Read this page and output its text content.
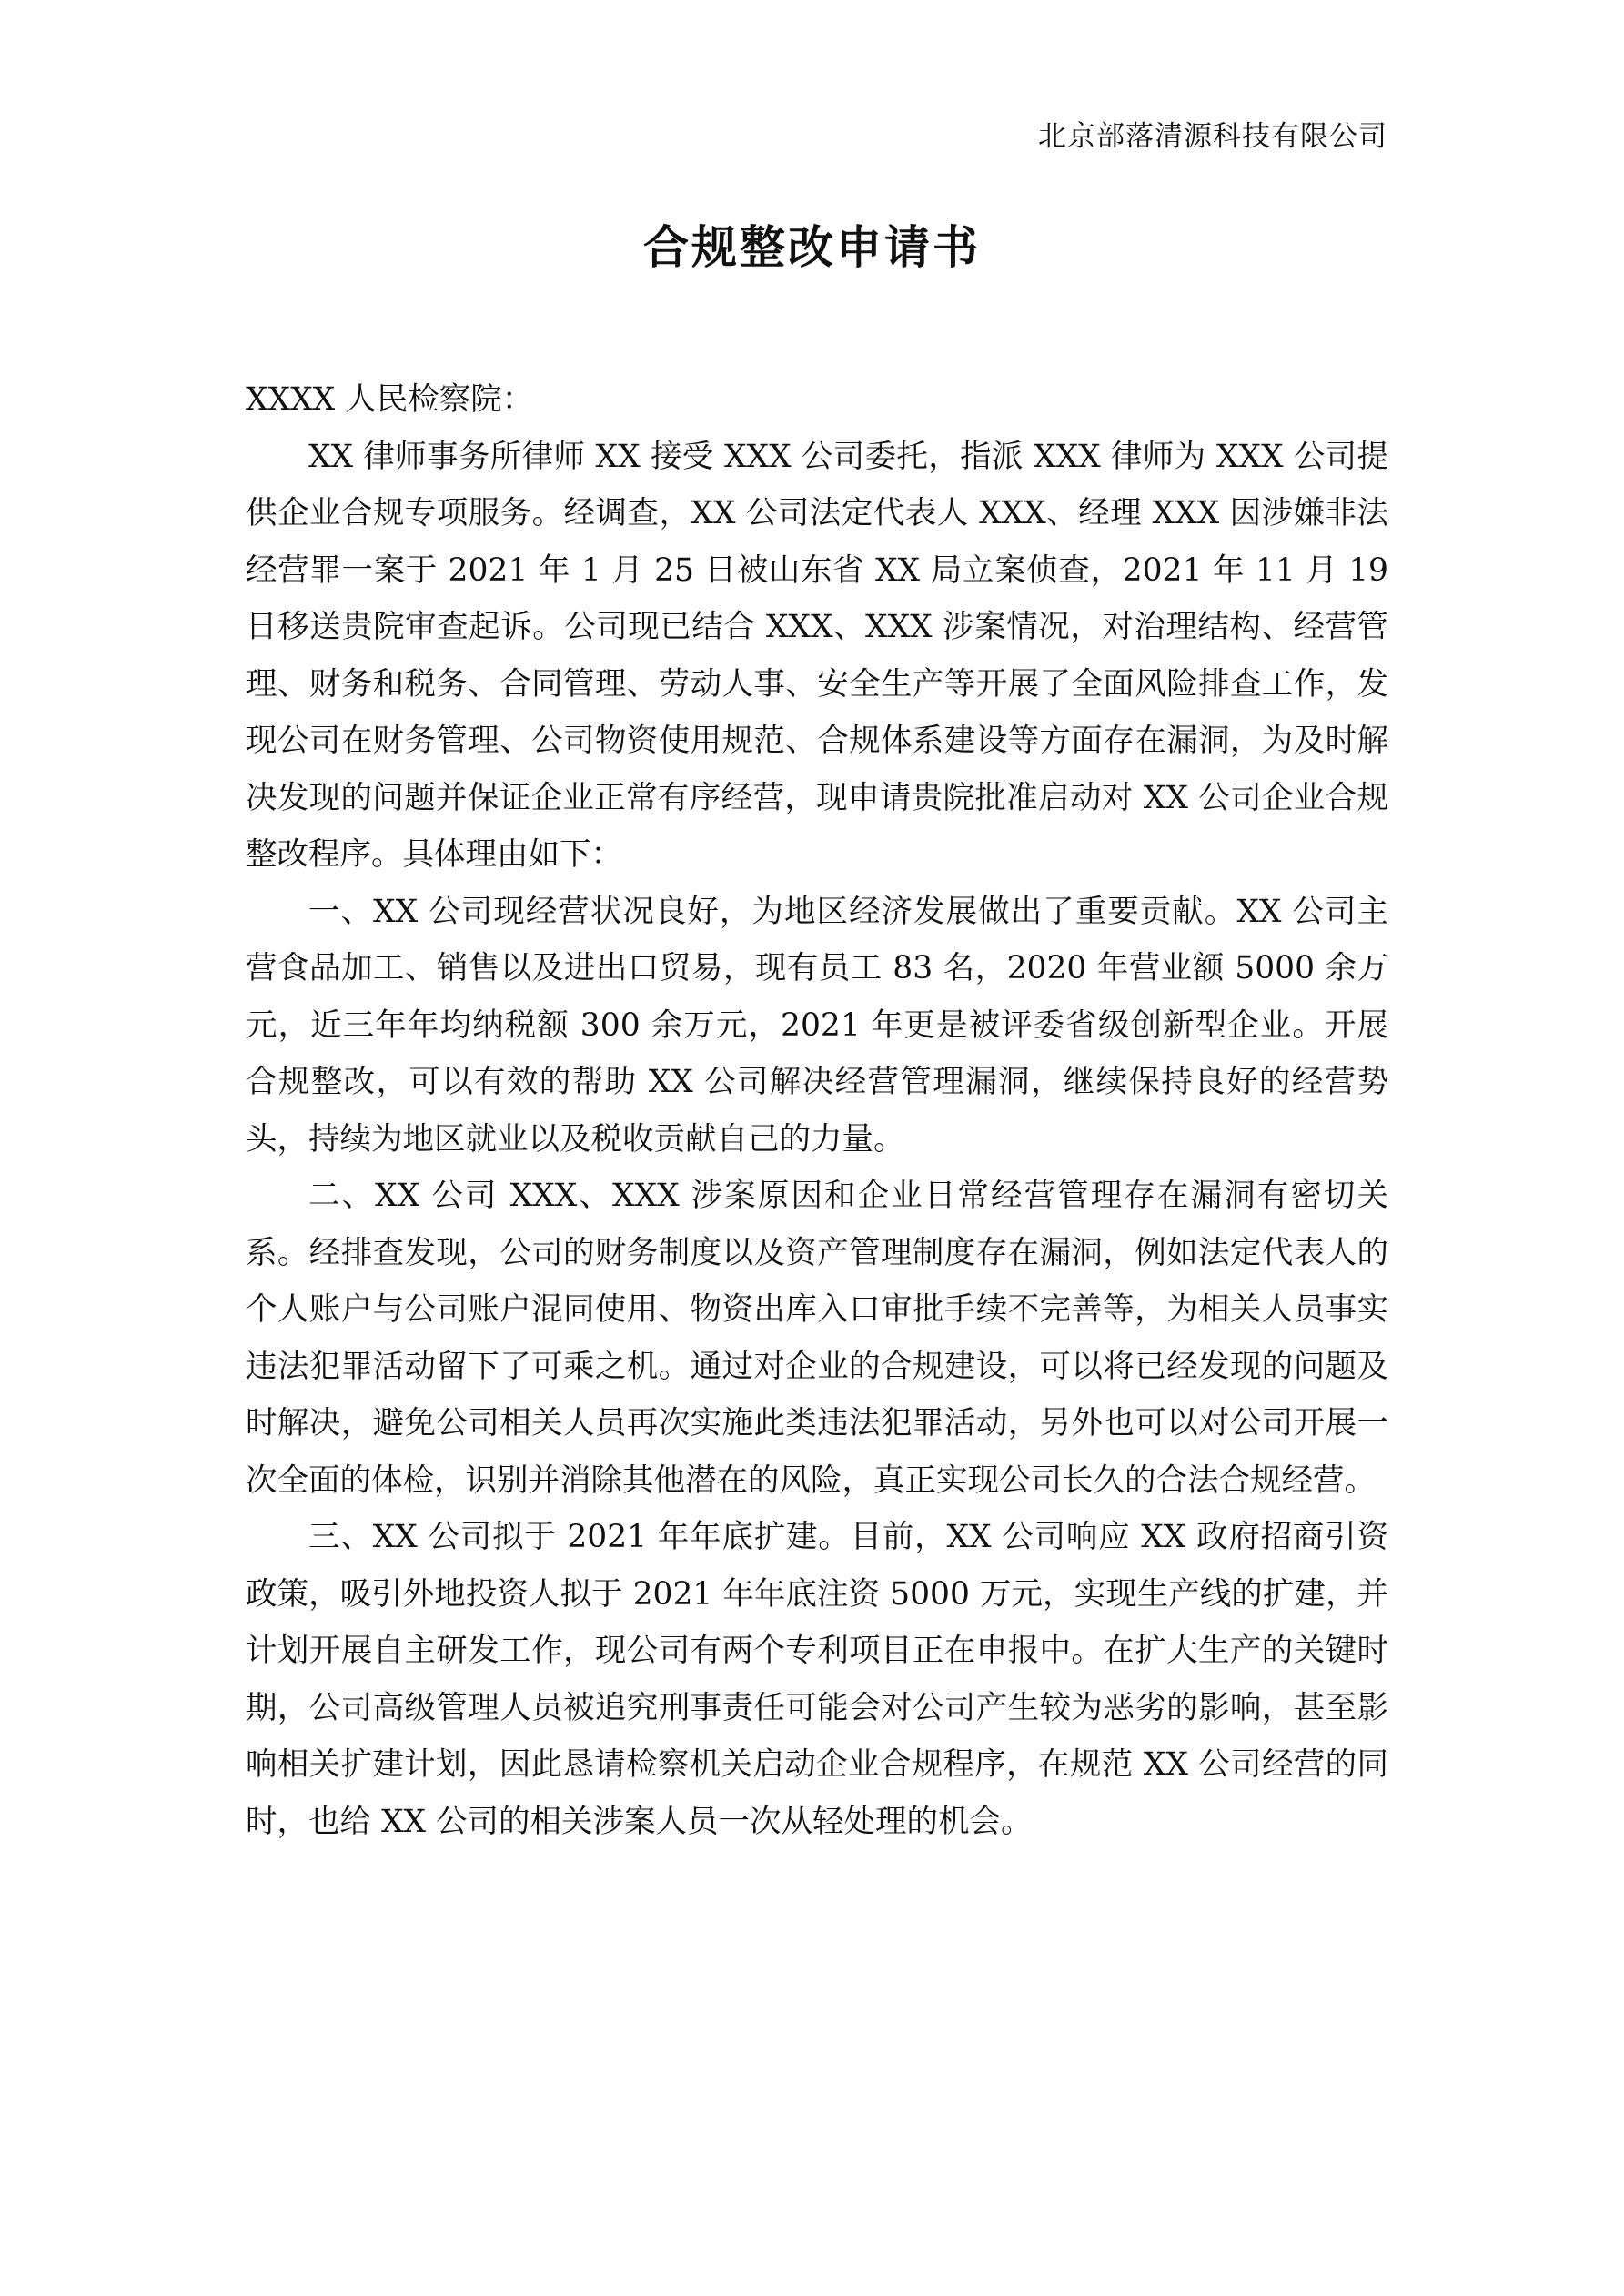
北京部落清源科技有限公司
合规整改申请书

XXXX 人民检察院：

XX 律师事务所律师 XX 接受 XXX 公司委托，指派 XXX 律师为 XXX 公司提供企业合规专项服务。经调查，XX 公司法定代表人 XXX、经理 XXX 因涉嫌非法经营罪一案于 2021 年 1 月 25 日被山东省 XX 局立案侦查，2021 年 11 月 19 日移送贵院审查起诉。公司现已结合 XXX、XXX 涉案情况，对治理结构、经营管理、财务和税务、合同管理、劳动人事、安全生产等开展了全面风险排查工作，发现公司在财务管理、公司物资使用规范、合规体系建设等方面存在漏洞，为及时解决发现的问题并保证企业正常有序经营，现申请贵院批准启动对 XX 公司企业合规整改程序。具体理由如下：

一、XX 公司现经营状况良好，为地区经济发展做出了重要贡献。XX 公司主营食品加工、销售以及进出口贸易，现有员工 83 名，2020 年营业额 5000 余万元，近三年年均纳税额 300 余万元，2021 年更是被评委省级创新型企业。开展合规整改，可以有效的帮助 XX 公司解决经营管理漏洞，继续保持良好的经营势头，持续为地区就业以及税收贡献自己的力量。

二、XX 公司 XXX、XXX 涉案原因和企业日常经营管理存在漏洞有密切关系。经排查发现，公司的财务制度以及资产管理制度存在漏洞，例如法定代表人的个人账户与公司账户混同使用、物资出库入口审批手续不完善等，为相关人员事实违法犯罪活动留下了可乘之机。通过对企业的合规建设，可以将已经发现的问题及时解决，避免公司相关人员再次实施此类违法犯罪活动，另外也可以对公司开展一次全面的体检，识别并消除其他潜在的风险，真正实现公司长久的合法合规经营。

三、XX 公司拟于 2021 年年底扩建。目前，XX 公司响应 XX 政府招商引资政策，吸引外地投资人拟于 2021 年年底注资 5000 万元，实现生产线的扩建，并计划开展自主研发工作，现公司有两个专利项目正在申报中。在扩大生产的关键时期，公司高级管理人员被追究刑事责任可能会对公司产生较为恶劣的影响，甚至影响相关扩建计划，因此恳请检察机关启动企业合规程序，在规范 XX 公司经营的同时，也给 XX 公司的相关涉案人员一次从轻处理的机会。
